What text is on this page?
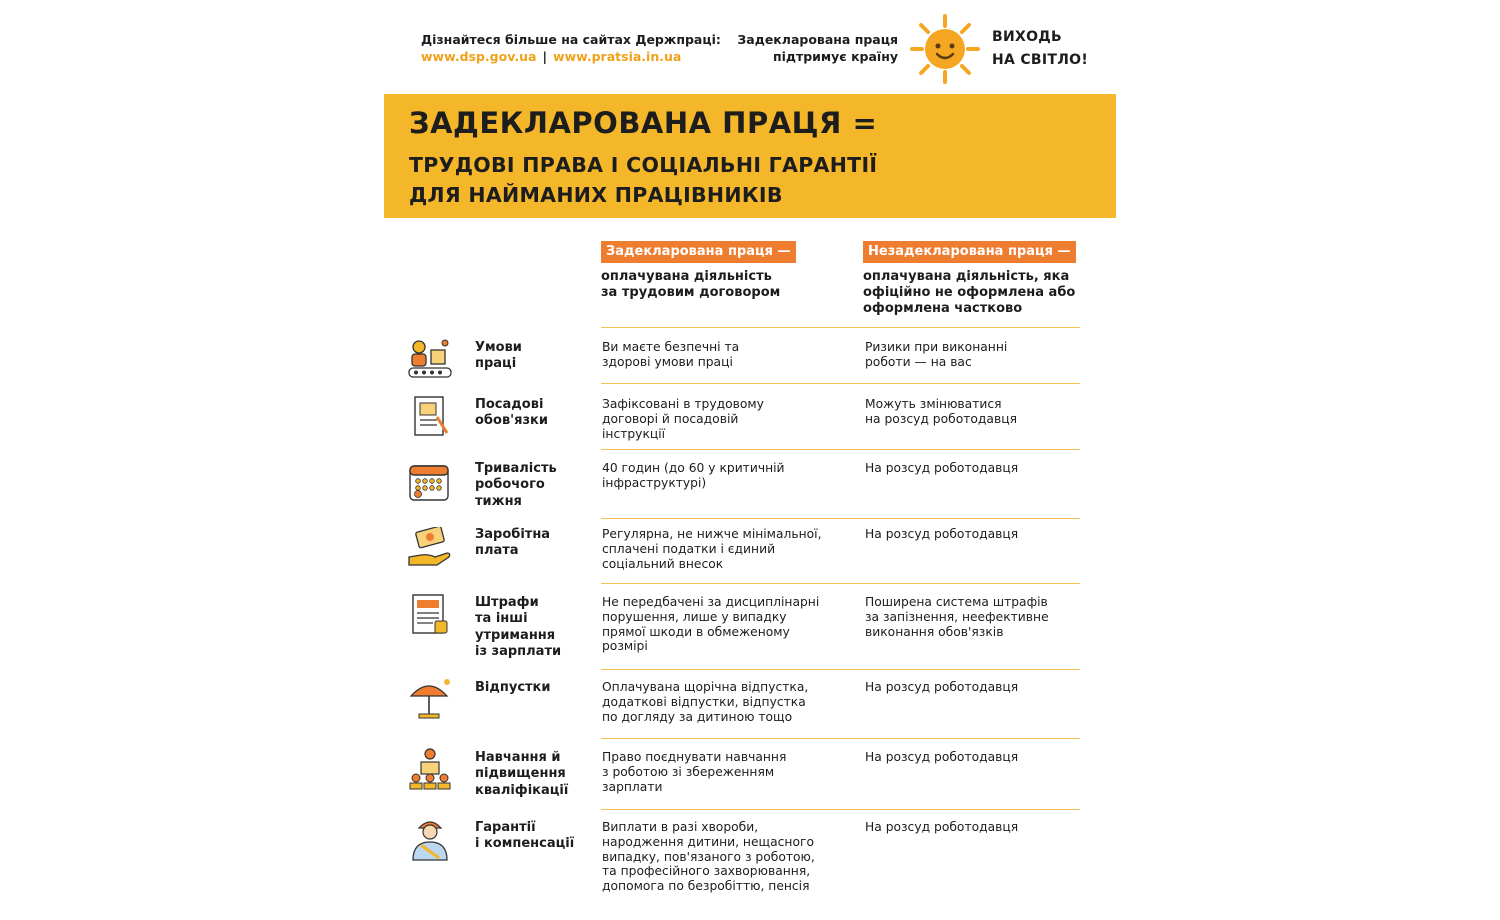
Дізнайтеся більше на сайтах Держпраці:
www.dsp.gov.ua | www.pratsia.in.ua
Задекларована праця
підтримує країну
ВИХОДЬ
НА СВІТЛО!
ЗАДЕКЛАРОВАНА ПРАЦЯ =
ТРУДОВІ ПРАВА І СОЦІАЛЬНІ ГАРАНТІЇ
ДЛЯ НАЙМАНИХ ПРАЦІВНИКІВ
Задекларована праця —
оплачувана діяльність
за трудовим договором
Незадекларована праця —
оплачувана діяльність, яка
офіційно не оформлена або
оформлена частково
Умови
праці
Ви маєте безпечні та
здорові умови праці
Ризики при виконанні
роботи — на вас
Посадові
обов'язки
Зафіксовані в трудовому
договорі й посадовій
інструкції
Можуть змінюватися
на розсуд роботодавця
Тривалість
робочого
тижня
40 годин (до 60 у критичній
інфраструктурі)
На розсуд роботодавця
Заробітна
плата
Регулярна, не нижче мінімальної,
сплачені податки і єдиний
соціальний внесок
На розсуд роботодавця
Штрафи
та інші
утримання
із зарплати
Не передбачені за дисциплінарні
порушення, лише у випадку
прямої шкоди в обмеженому
розмірі
Поширена система штрафів
за запізнення, неефективне
виконання обов'язків
Відпустки	Оплачувана щорічна відпустка,
додаткові відпустки, відпустка
по догляду за дитиною тощо
На розсуд роботодавця
Навчання й
підвищення
кваліфікації
Право поєднувати навчання
з роботою зі збереженням
зарплати
На розсуд роботодавця
Гарантії
і компенсації
Виплати в разі хвороби,
народження дитини, нещасного
випадку, пов'язаного з роботою,
та професійного захворювання,
допомога по безробіттю, пенсія
На розсуд роботодавця
